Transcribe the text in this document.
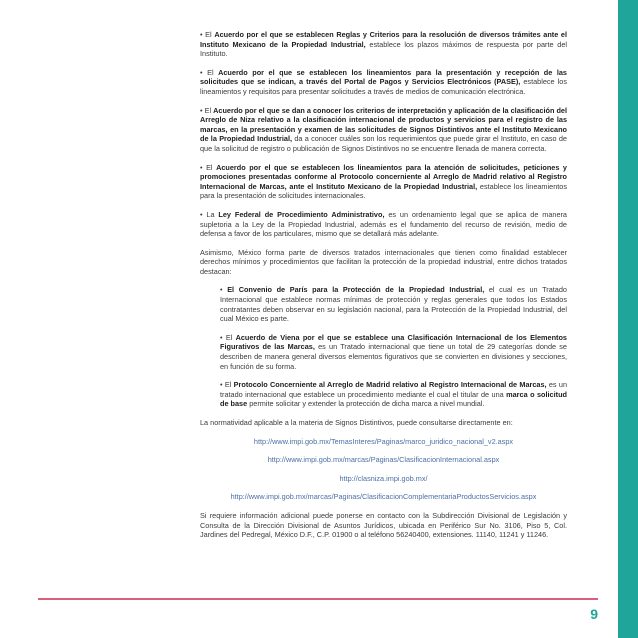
• El Acuerdo por el que se establecen Reglas y Criterios para la resolución de diversos trámites ante el Instituto Mexicano de la Propiedad Industrial, establece los plazos máximos de respuesta por parte del Instituto.

• El Acuerdo por el que se establecen los lineamientos para la presentación y recepción de las solicitudes que se indican, a través del Portal de Pagos y Servicios Electrónicos (PASE), establece los lineamientos y requisitos para presentar solicitudes a través de medios de comunicación electrónica.

• El Acuerdo por el que se dan a conocer los criterios de interpretación y aplicación de la clasificación del Arreglo de Niza relativo a la clasificación internacional de productos y servicios para el registro de las marcas, en la presentación y examen de las solicitudes de Signos Distintivos ante el Instituto Mexicano de la Propiedad Industrial, da a conocer cuáles son los requerimientos que puede girar el Instituto, en caso de que la solicitud de registro o publicación de Signos Distintivos no se encuentre llenada de manera correcta.

• El Acuerdo por el que se establecen los lineamientos para la atención de solicitudes, peticiones y promociones presentadas conforme al Protocolo concerniente al Arreglo de Madrid relativo al Registro Internacional de Marcas, ante el Instituto Mexicano de la Propiedad Industrial, establece los lineamientos para la presentación de solicitudes internacionales.

• La Ley Federal de Procedimiento Administrativo, es un ordenamiento legal que se aplica de manera supletoria a la Ley de la Propiedad Industrial, además es el fundamento del recurso de revisión, medio de defensa a favor de los particulares, mismo que se detallará más adelante.

Asimismo, México forma parte de diversos tratados internacionales que tienen como finalidad establecer derechos mínimos y procedimientos que facilitan la protección de la propiedad industrial, entre dichos tratados destacan:

• El Convenio de París para la Protección de la Propiedad Industrial, el cual es un Tratado Internacional que establece normas mínimas de protección y reglas generales que todos los Estados contratantes deben observar en su legislación nacional, para la Protección de la Propiedad Industrial, del cual México es parte.

• El Acuerdo de Viena por el que se establece una Clasificación Internacional de los Elementos Figurativos de las Marcas, es un Tratado internacional que tiene un total de 29 categorías donde se describen de manera general diversos elementos figurativos que se convierten en divisiones y secciones, en función de su forma.

• El Protocolo Concerniente al Arreglo de Madrid relativo al Registro Internacional de Marcas, es un tratado internacional que establece un procedimiento mediante el cual el titular de una marca o solicitud de base permite solicitar y extender la protección de dicha marca a nivel mundial.

La normatividad aplicable a la materia de Signos Distintivos, puede consultarse directamente en:

http://www.impi.gob.mx/TemasInteres/Paginas/marco_juridico_nacional_v2.aspx

http://www.impi.gob.mx/marcas/Paginas/ClasificacionInternacional.aspx

http://clasniza.impi.gob.mx/

http://www.impi.gob.mx/marcas/Paginas/ClasificacionComplementariaProductosServicios.aspx

Si requiere información adicional puede ponerse en contacto con la Subdirección Divisional de Legislación y Consulta de la Dirección Divisional de Asuntos Jurídicos, ubicada en Periférico Sur No. 3106, Piso 5, Col. Jardines del Pedregal, México D.F., C.P. 01900 o al teléfono 56240400, extensiones. 11140, 11241 y 11246.

9
